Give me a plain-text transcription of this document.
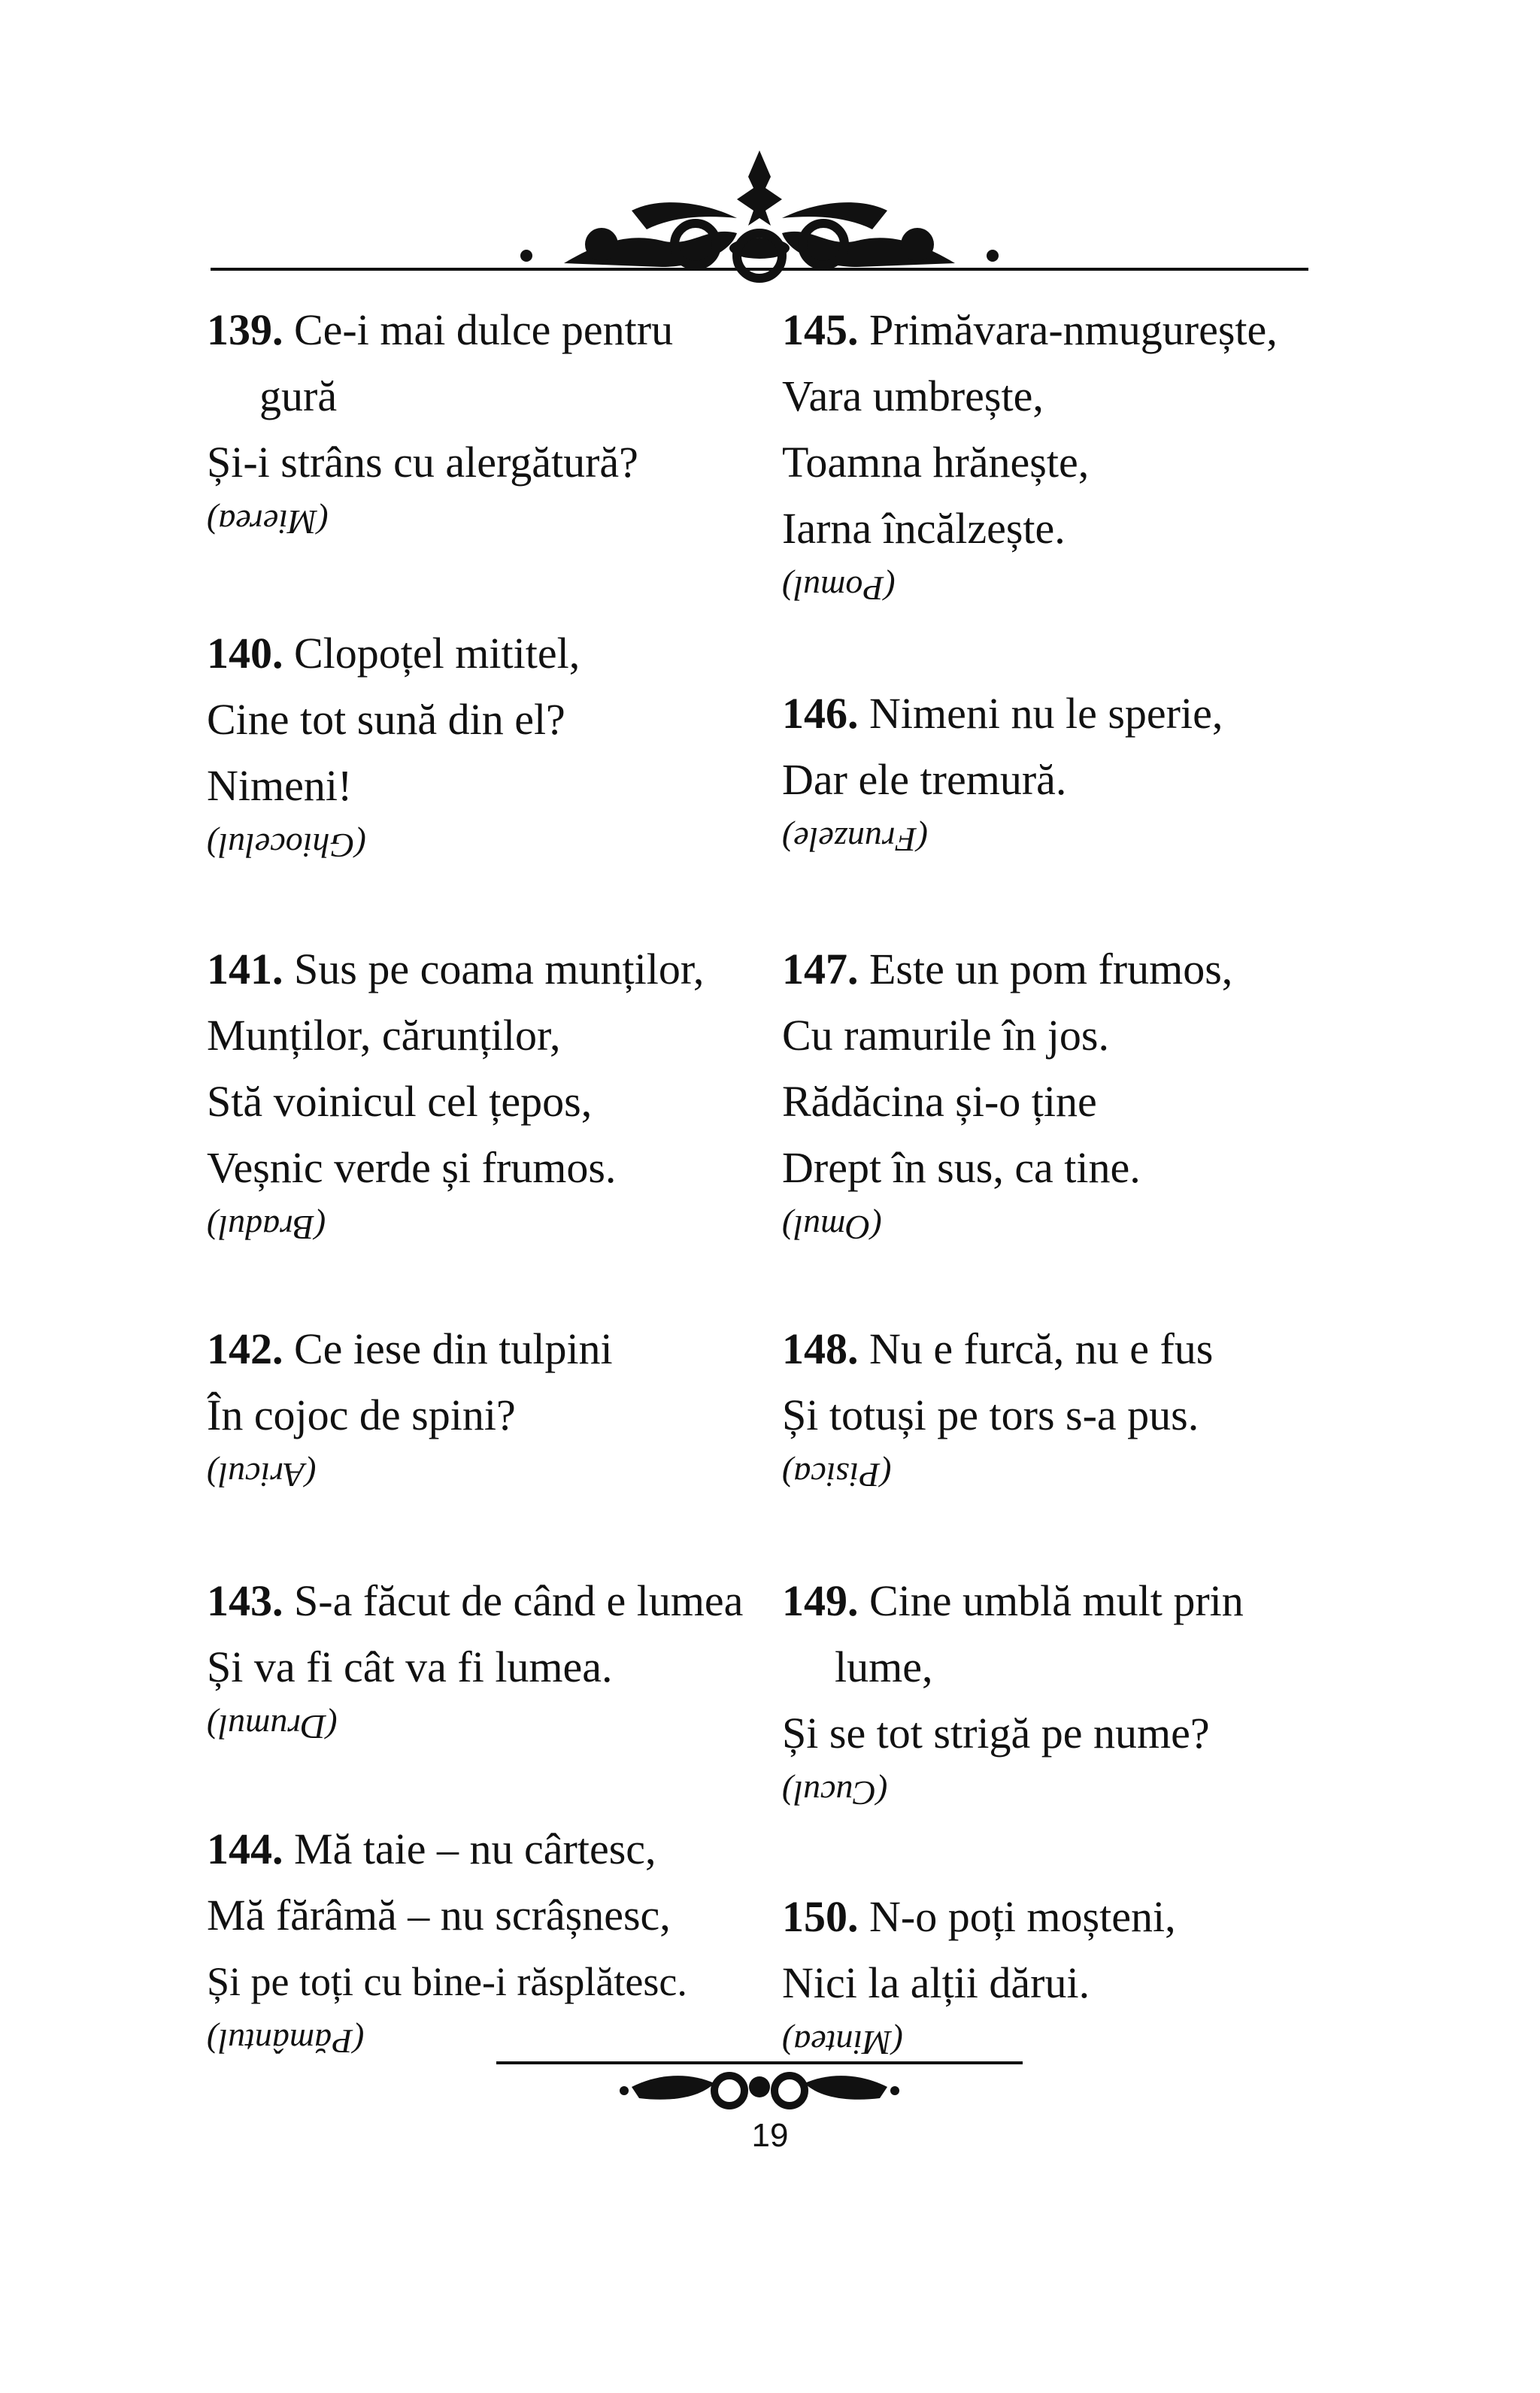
139. Ce-i mai dulce pentru
gură
Și-i strâns cu alergătură?
(Mierea)
140. Clopoțel mititel,
Cine tot sună din el?
Nimeni!
(Ghiocelul)
141. Sus pe coama munților,
Munților, cărunților,
Stă voinicul cel țepos,
Veșnic verde și frumos.
(Bradul)
142. Ce iese din tulpini
În cojoc de spini?
(Aricul)
143. S-a făcut de când e lumea
Și va fi cât va fi lumea.
(Drumul)
144. Mă taie – nu cârtesc,
Mă fărâmă – nu scrâșnesc,
Și pe toți cu bine-i răsplătesc.
(Pământul)
145. Primăvara-nmugurește,
Vara umbrește,
Toamna hrănește,
Iarna încălzește.
(Pomul)
146. Nimeni nu le sperie,
Dar ele tremură.
(Frunzele)
147. Este un pom frumos,
Cu ramurile în jos.
Rădăcina și-o ține
Drept în sus, ca tine.
(Omul)
148. Nu e furcă, nu e fus
Și totuși pe tors s-a pus.
(Pisica)
149. Cine umblă mult prin
lume,
Și se tot strigă pe nume?
(Cucul)
150. N-o poți moșteni,
Nici la alții dărui.
(Mintea)
19
